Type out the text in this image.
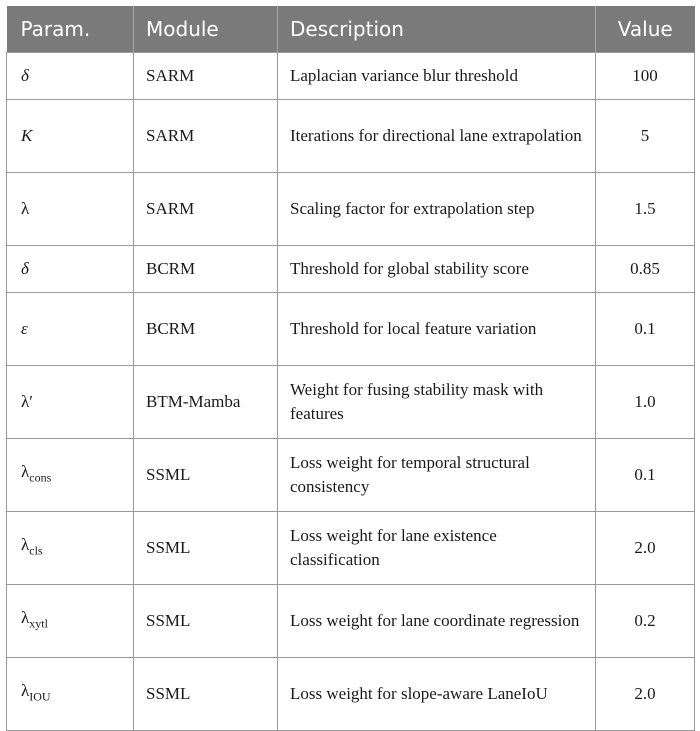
Param.	Module	Description	Value
δ	SARM	Laplacian variance blur threshold	100
K	SARM	Iterations for directional lane extrapolation	5
λ	SARM	Scaling factor for extrapolation step	1.5
δ	BCRM	Threshold for global stability score	0.85
ε	BCRM	Threshold for local feature variation	0.1
λ′	BTM-Mamba	Weight for fusing stability mask with features	1.0
$\lambda_{cons}$	SSML	Loss weight for temporal structural consistency	0.1
$\lambda_{cls}$	SSML	Loss weight for lane existence classification	2.0
$\lambda_{xytl}$	SSML	Loss weight for lane coordinate regression	0.2
$\lambda_{IOU}$	SSML	Loss weight for slope-aware LaneIoU	2.0
